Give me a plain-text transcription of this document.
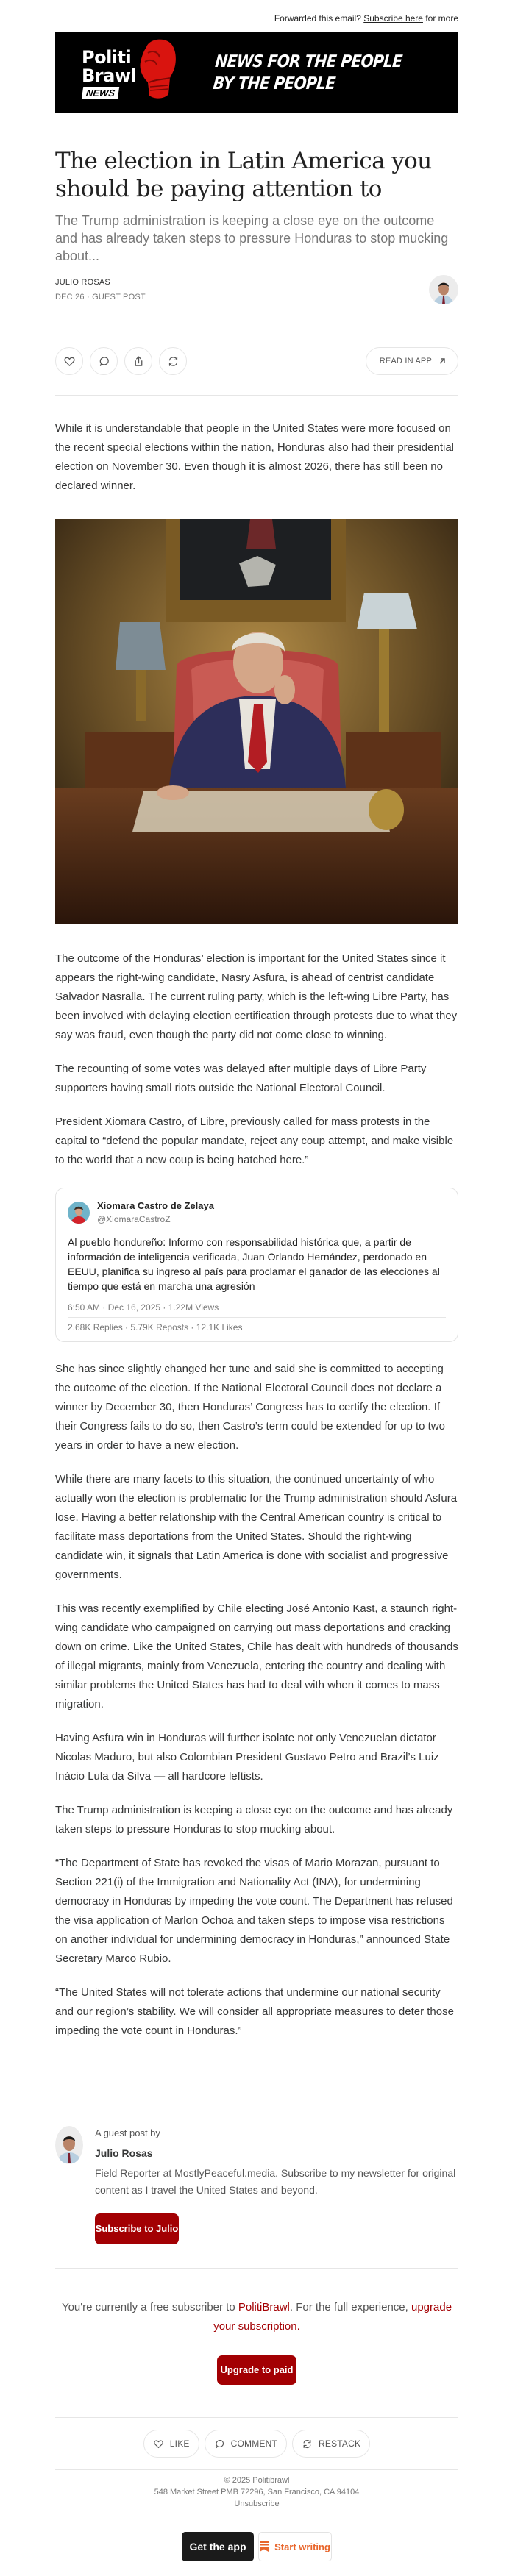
Forwarded this email? Subscribe here for more
Politi
Brawl
NEWS
NEWS FOR THE PEOPLE
BY THE PEOPLE
The election in Latin America you should be paying attention to
The Trump administration is keeping a close eye on the outcome and has already taken steps to pressure Honduras to stop mucking about...
JULIO ROSAS
DEC 26 · GUEST POST
READ IN APP

While it is understandable that people in the United States were more focused on the recent special elections within the nation, Honduras also had their presidential election on November 30. Even though it is almost 2026, there has still been no declared winner.

The outcome of the Honduras’ election is important for the United States since it appears the right-wing candidate, Nasry Asfura, is ahead of centrist candidate Salvador Nasralla. The current ruling party, which is the left-wing Libre Party, has been involved with delaying election certification through protests due to what they say was fraud, even though the party did not come close to winning.

The recounting of some votes was delayed after multiple days of Libre Party supporters having small riots outside the National Electoral Council.

President Xiomara Castro, of Libre, previously called for mass protests in the capital to “defend the popular mandate, reject any coup attempt, and make visible to the world that a new coup is being hatched here.”

Xiomara Castro de Zelaya
@XiomaraCastroZ
Al pueblo hondureño: Informo con responsabilidad histórica que, a partir de información de inteligencia verificada, Juan Orlando Hernández, perdonado en EEUU, planifica su ingreso al país para proclamar el ganador de las elecciones al tiempo que está en marcha una agresión
6:50 AM · Dec 16, 2025 · 1.22M Views
2.68K Replies · 5.79K Reposts · 12.1K Likes

She has since slightly changed her tune and said she is committed to accepting the outcome of the election. If the National Electoral Council does not declare a winner by December 30, then Honduras’ Congress has to certify the election. If their Congress fails to do so, then Castro’s term could be extended for up to two years in order to have a new election.

While there are many facets to this situation, the continued uncertainty of who actually won the election is problematic for the Trump administration should Asfura lose. Having a better relationship with the Central American country is critical to facilitate mass deportations from the United States. Should the right-wing candidate win, it signals that Latin America is done with socialist and progressive governments.

This was recently exemplified by Chile electing José Antonio Kast, a staunch right-wing candidate who campaigned on carrying out mass deportations and cracking down on crime. Like the United States, Chile has dealt with hundreds of thousands of illegal migrants, mainly from Venezuela, entering the country and dealing with similar problems the United States has had to deal with when it comes to mass migration.

Having Asfura win in Honduras will further isolate not only Venezuelan dictator Nicolas Maduro, but also Colombian President Gustavo Petro and Brazil’s Luiz Inácio Lula da Silva — all hardcore leftists.

The Trump administration is keeping a close eye on the outcome and has already taken steps to pressure Honduras to stop mucking about.

“The Department of State has revoked the visas of Mario Morazan, pursuant to Section 221(i) of the Immigration and Nationality Act (INA), for undermining democracy in Honduras by impeding the vote count. The Department has refused the visa application of Marlon Ochoa and taken steps to impose visa restrictions on another individual for undermining democracy in Honduras,” announced State Secretary Marco Rubio.

“The United States will not tolerate actions that undermine our national security and our region’s stability. We will consider all appropriate measures to deter those impeding the vote count in Honduras.”

A guest post by
Julio Rosas
Field Reporter at MostlyPeaceful.media. Subscribe to my newsletter for original content as I travel the United States and beyond.
Subscribe to Julio
You're currently a free subscriber to PolitiBrawl. For the full experience, upgrade your subscription.
Upgrade to paid
LIKE	COMMENT	RESTACK
© 2025 Politibrawl
548 Market Street PMB 72296, San Francisco, CA 94104
Unsubscribe
Get the app	Start writing
